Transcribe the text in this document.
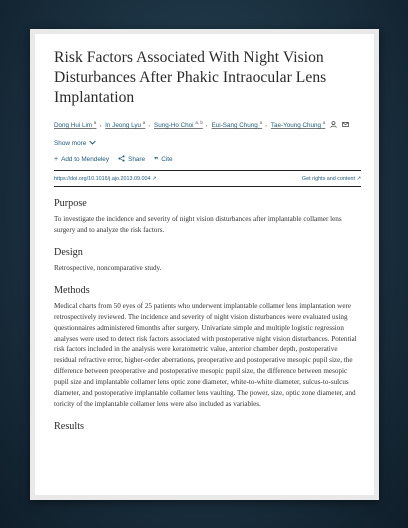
Risk Factors Associated With Night Vision Disturbances After Phakic Intraocular Lens Implantation
Dong Hui Lim $^a$ , In Jeong Lyu $^a$ , Sung-Ho Choi $^{a, b}$ , Eui-Sang Chung $^a$ , Tae-Young Chung $^a$
Show more
+ Add to Mendeley	Share ❞ Cite
https://doi.org/10.1016/j.ajo.2013.09.004 ↗	Get rights and content ↗
Purpose

To investigate the incidence and severity of night vision disturbances after implantable collamer lens surgery and to analyze the risk factors.

Design

Retrospective, noncomparative study.

Methods

Medical charts from 50 eyes of 25 patients who underwent implantable collamer lens implantation were retrospectively reviewed. The incidence and severity of night vision disturbances were evaluated using questionnaires administered 6months after surgery. Univariate simple and multiple logistic regression analyses were used to detect risk factors associated with postoperative night vision disturbances. Potential risk factors included in the analysis were keratometric value, anterior chamber depth, postoperative residual refractive error, higher-order aberrations, preoperative and postoperative mesopic pupil size, the difference between preoperative and postoperative mesopic pupil size, the difference between mesopic pupil size and implantable collamer lens optic zone diameter, white-to-white diameter, sulcus-to-sulcus diameter, and postoperative implantable collamer lens vaulting. The power, size, optic zone diameter, and toricity of the implantable collamer lens were also included as variables.

Results
